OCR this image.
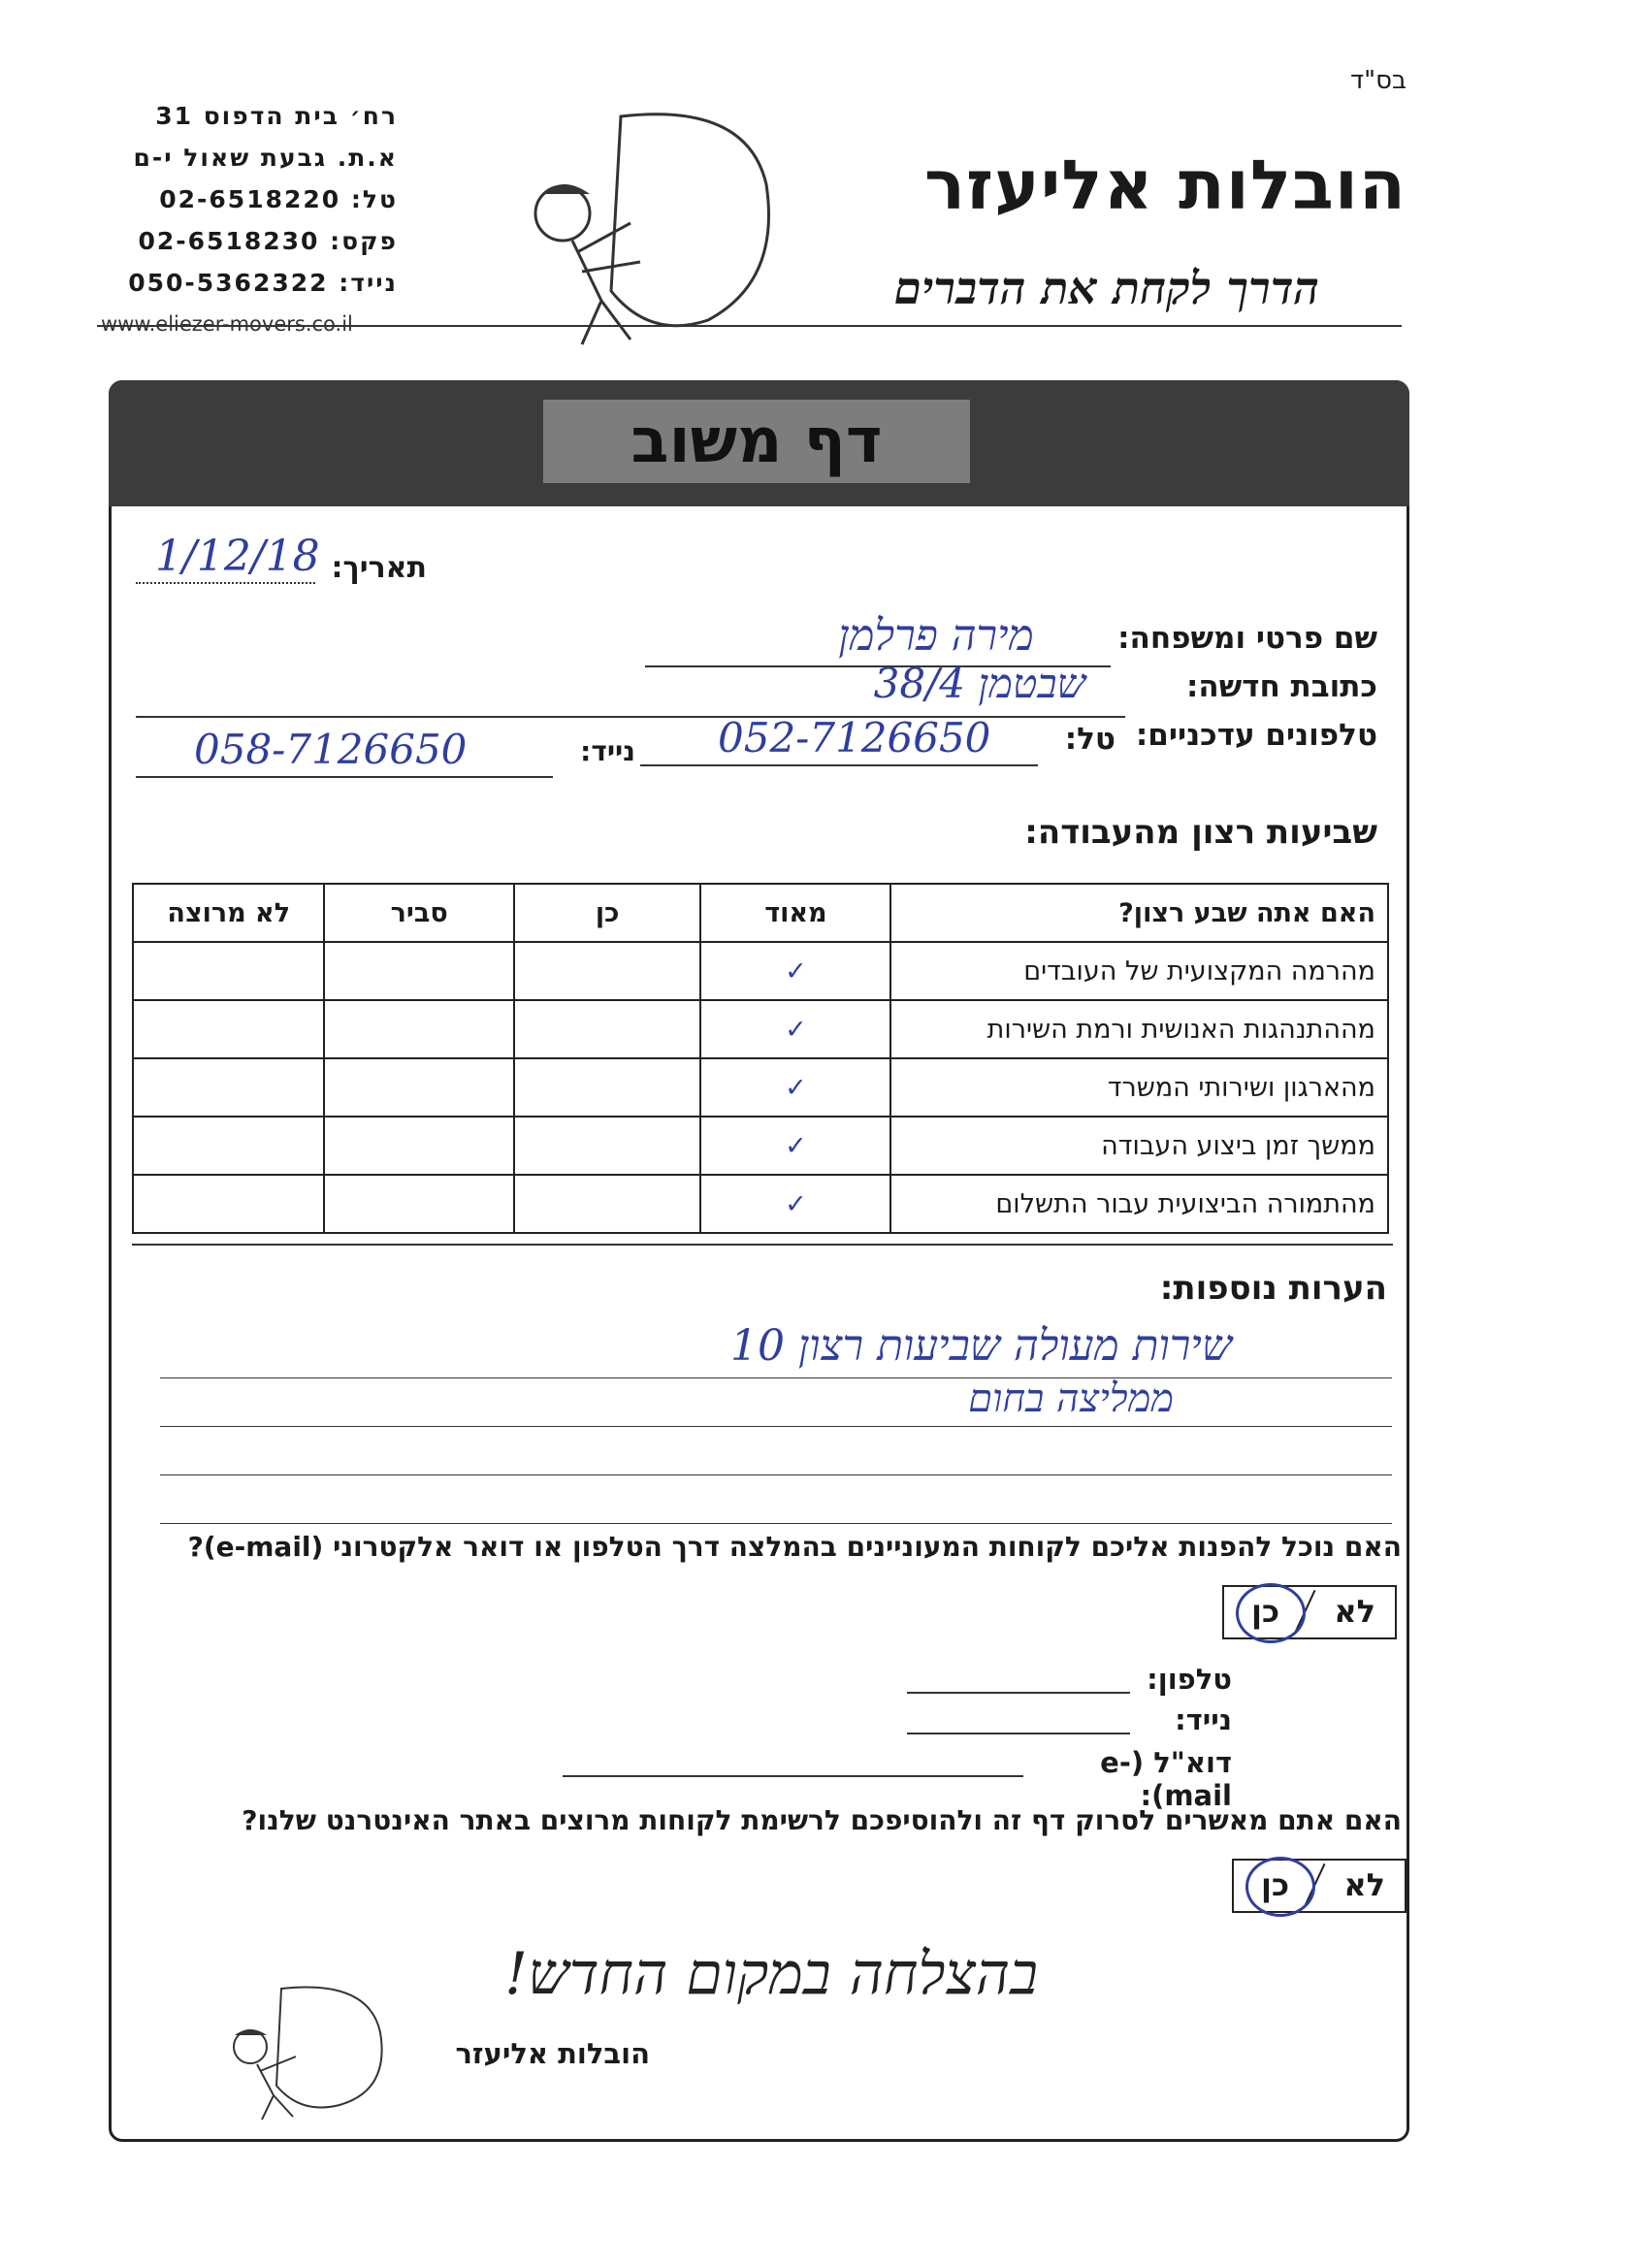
בס"ד
רח׳ בית הדפוס 31
א.ת. גבעת שאול י-ם
טל: 02-6518220
פקס: 02-6518230
נייד: 050-5362322
www.eliezer-movers.co.il
הובלות אליעזר
הדרך לקחת את הדברים
דף משוב
תאריך:
1/12/18
שם פרטי ומשפחה:
מירה פרלמן
כתובת חדשה:
שבטמן 38/4
טלפונים עדכניים:
טל:
052-7126650
נייד:
058-7126650
שביעות רצון מהעבודה:
האם אתה שבע רצון?	מאוד	כן	סביר	לא מרוצה
מהרמה המקצועית של העובדים	✓			
מההתנהגות האנושית ורמת השירות	✓			
מהארגון ושירותי המשרד	✓			
ממשך זמן ביצוע העבודה	✓			
מהתמורה הביצועית עבור התשלום	✓			
הערות נוספות:
שירות מעולה שביעות רצון 10
ממליצה בחום
האם נוכל להפנות אליכם לקוחות המעוניינים בהמלצה דרך הטלפון או דואר אלקטרוני (e-mail)?
לא
כן
טלפון:
נייד:
דוא"ל (e-mail):
האם אתם מאשרים לסרוק דף זה ולהוסיפכם לרשימת לקוחות מרוצים באתר האינטרנט שלנו?
לא
כן
בהצלחה במקום החדש!
הובלות אליעזר
